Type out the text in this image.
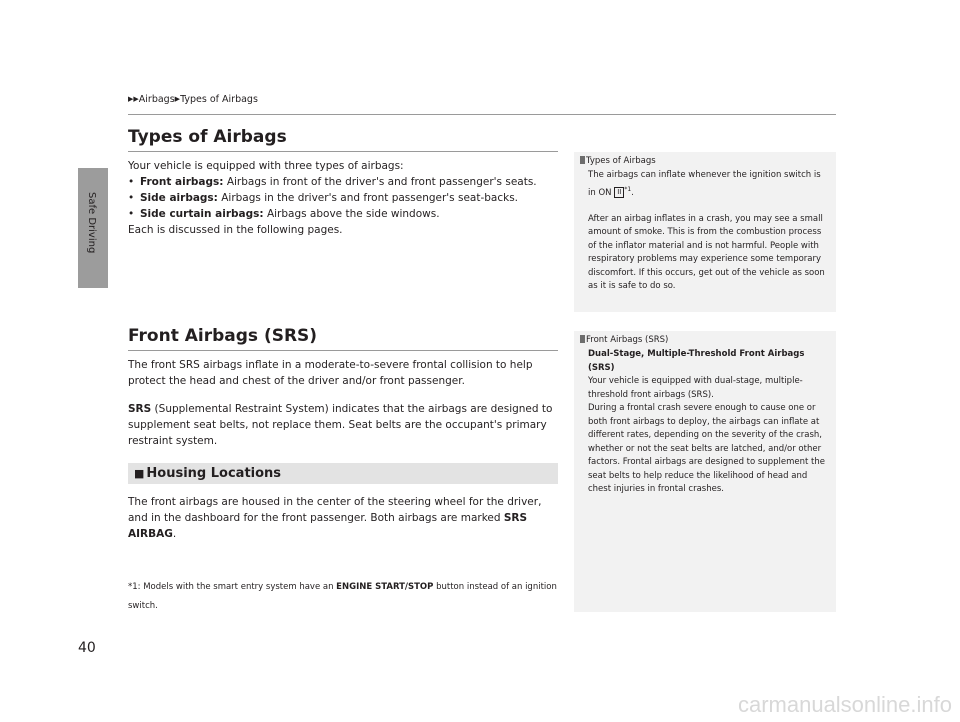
Safe Driving
40
▶▶Airbags▶Types of Airbags
Types of Airbags

Your vehicle is equipped with three types of airbags:

• Front airbags: Airbags in front of the driver's and front passenger's seats.

• Side airbags: Airbags in the driver's and front passenger's seat-backs.

• Side curtain airbags: Airbags above the side windows.

Each is discussed in the following pages.

Front Airbags (SRS)

The front SRS airbags inflate in a moderate-to-severe frontal collision to help protect the head and chest of the driver and/or front passenger.

SRS (Supplemental Restraint System) indicates that the airbags are designed to supplement seat belts, not replace them. Seat belts are the occupant's primary restraint system.

■ Housing Locations

The front airbags are housed in the center of the steering wheel for the driver, and in the dashboard for the front passenger. Both airbags are marked SRS AIRBAG.

*1: Models with the smart entry system have an ENGINE START/STOP button instead of an ignition switch.
Types of Airbags

The airbags can inflate whenever the ignition switch is in ON II $^{*1}$.

After an airbag inflates in a crash, you may see a small amount of smoke. This is from the combustion process of the inflator material and is not harmful. People with respiratory problems may experience some temporary discomfort. If this occurs, get out of the vehicle as soon as it is safe to do so.

Front Airbags (SRS)

Dual-Stage, Multiple-Threshold Front Airbags (SRS)

Your vehicle is equipped with dual-stage, multiple-threshold front airbags (SRS).

During a frontal crash severe enough to cause one or both front airbags to deploy, the airbags can inflate at different rates, depending on the severity of the crash, whether or not the seat belts are latched, and/or other factors. Frontal airbags are designed to supplement the seat belts to help reduce the likelihood of head and chest injuries in frontal crashes.

carmanualsonline.info
